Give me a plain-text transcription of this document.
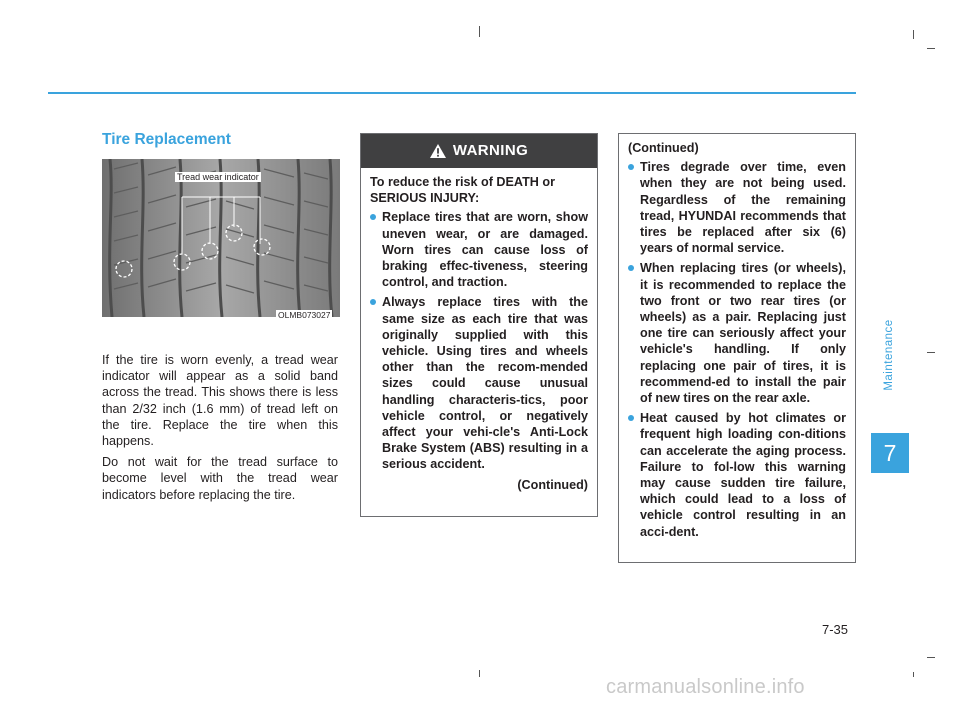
Tire Replacement
Tread wear indicator
OLMB073027

If the tire is worn evenly, a tread wear indicator will appear as a solid band across the tread. This shows there is less than 2/32 inch (1.6 mm) of tread left on the tire. Replace the tire when this happens.

Do not wait for the tread surface to become level with the tread wear indicators before replacing the tire.

WARNING

To reduce the risk of DEATH or SERIOUS INJURY:

Replace tires that are worn, show uneven wear, or are damaged. Worn tires can cause loss of braking effec-tiveness, steering control, and traction.
Always replace tires with the same size as each tire that was originally supplied with this vehicle. Using tires and wheels other than the recom-mended sizes could cause unusual handling characteris-tics, poor vehicle control, or negatively affect your vehi-cle's Anti-Lock Brake System (ABS) resulting in a serious accident.
(Continued)

(Continued)

Tires degrade over time, even when they are not being used. Regardless of the remaining tread, HYUNDAI recommends that tires be replaced after six (6) years of normal service.
When replacing tires (or wheels), it is recommended to replace the two front or two rear tires (or wheels) as a pair. Replacing just one tire can seriously affect your vehicle's handling. If only replacing one pair of tires, it is recommend-ed to install the pair of new tires on the rear axle.
Heat caused by hot climates or frequent high loading con-ditions can accelerate the aging process. Failure to fol-low this warning may cause sudden tire failure, which could lead to a loss of vehicle control resulting in an acci-dent.
Maintenance
7
7-35
carmanualsonline.info
